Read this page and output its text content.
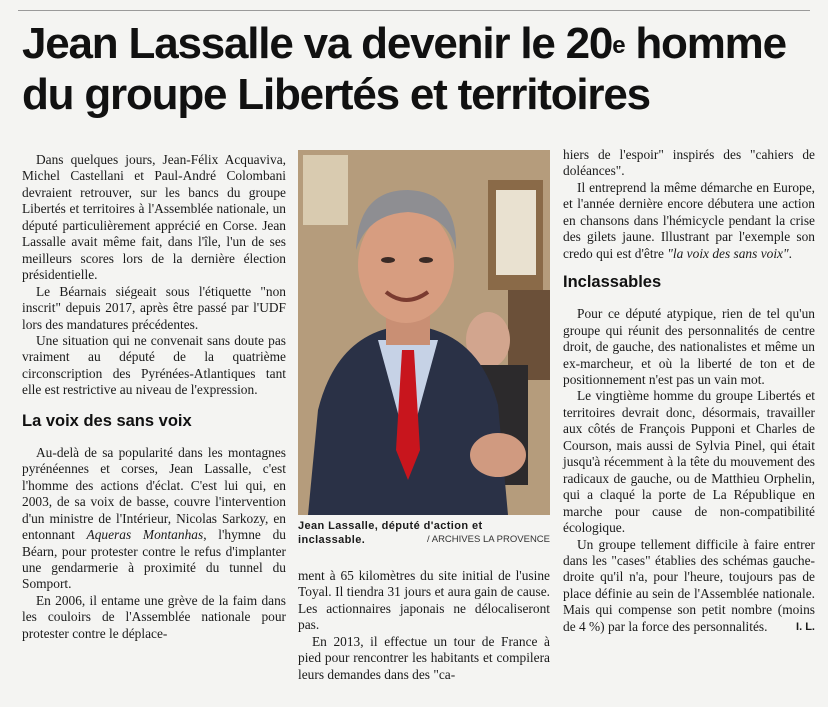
Jean Lassalle va devenir le 20e homme
du groupe Libertés et territoires

Dans quelques jours, Jean-Félix Acquaviva, Michel Castellani et Paul-André Colombani devraient retrouver, sur les bancs du groupe Libertés et territoires à l'Assemblée nationale, un député particulièrement apprécié en Corse. Jean Lassalle avait même fait, dans l'île, l'un de ses meilleurs scores lors de la dernière élection présidentielle.

Le Béarnais siégeait sous l'étiquette "non inscrit" depuis 2017, après être passé par l'UDF lors des mandatures précédentes.

Une situation qui ne convenait sans doute pas vraiment au député de la quatrième circonscription des Pyrénées-Atlantiques tant elle est restrictive au niveau de l'expression.

La voix des sans voix

Au-delà de sa popularité dans les montagnes pyrénéennes et corses, Jean Lassalle, c'est l'homme des actions d'éclat. C'est lui qui, en 2003, de sa voix de basse, couvre l'intervention d'un ministre de l'Intérieur, Nicolas Sarkozy, en entonnant Aqueras Montanhas, l'hymne du Béarn, pour protester contre le refus d'implanter une gendarmerie à proximité du tunnel du Somport.

En 2006, il entame une grève de la faim dans les couloirs de l'Assemblée nationale pour protester contre le déplace-

Jean Lassalle, député d'action et inclassable.	/ ARCHIVES LA PROVENCE

ment à 65 kilomètres du site initial de l'usine Toyal. Il tiendra 31 jours et aura gain de cause. Les actionnaires japonais ne délocaliseront pas.

En 2013, il effectue un tour de France à pied pour rencontrer les habitants et compilera leurs demandes dans des "ca-

hiers de l'espoir" inspirés des "cahiers de doléances".

Il entreprend la même démarche en Europe, et l'année dernière encore débutera une action en chansons dans l'hémicycle pendant la crise des gilets jaune. Illustrant par l'exemple son credo qui est d'être "la voix des sans voix".

Inclassables

Pour ce député atypique, rien de tel qu'un groupe qui réunit des personnalités de centre droit, de gauche, des nationalistes et même un ex-marcheur, et où la liberté de ton et de positionnement n'est pas un vain mot.

Le vingtième homme du groupe Libertés et territoires devrait donc, désormais, travailler aux côtés de François Pupponi et Charles de Courson, mais aussi de Sylvia Pinel, qui était jusqu'à récemment à la tête du mouvement des radicaux de gauche, ou de Matthieu Orphelin, qui a claqué la porte de La République en marche pour cause de non-compatibilité écologique.

Un groupe tellement difficile à faire entrer dans les "cases" établies des schémas gauche-droite qu'il n'a, pour l'heure, toujours pas de place définie au sein de l'Assemblée nationale. Mais qui compense son petit nombre (moins de 4 %) par la force des personnalités.	I. L.
